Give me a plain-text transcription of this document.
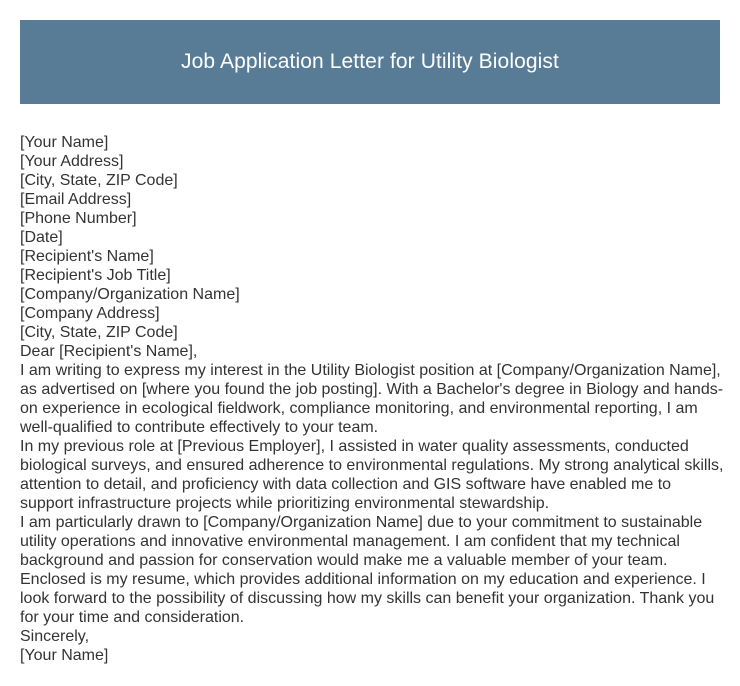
Job Application Letter for Utility Biologist

[Your Name]

[Your Address]

[City, State, ZIP Code]

[Email Address]

[Phone Number]

[Date]

[Recipient's Name]

[Recipient's Job Title]

[Company/Organization Name]

[Company Address]

[City, State, ZIP Code]

Dear [Recipient's Name],

I am writing to express my interest in the Utility Biologist position at [Company/Organization Name], as advertised on [where you found the job posting]. With a Bachelor's degree in Biology and hands-on experience in ecological fieldwork, compliance monitoring, and environmental reporting, I am well-qualified to contribute effectively to your team.

In my previous role at [Previous Employer], I assisted in water quality assessments, conducted biological surveys, and ensured adherence to environmental regulations. My strong analytical skills, attention to detail, and proficiency with data collection and GIS software have enabled me to support infrastructure projects while prioritizing environmental stewardship.

I am particularly drawn to [Company/Organization Name] due to your commitment to sustainable utility operations and innovative environmental management. I am confident that my technical background and passion for conservation would make me a valuable member of your team.

Enclosed is my resume, which provides additional information on my education and experience. I look forward to the possibility of discussing how my skills can benefit your organization. Thank you for your time and consideration.

Sincerely,

[Your Name]
